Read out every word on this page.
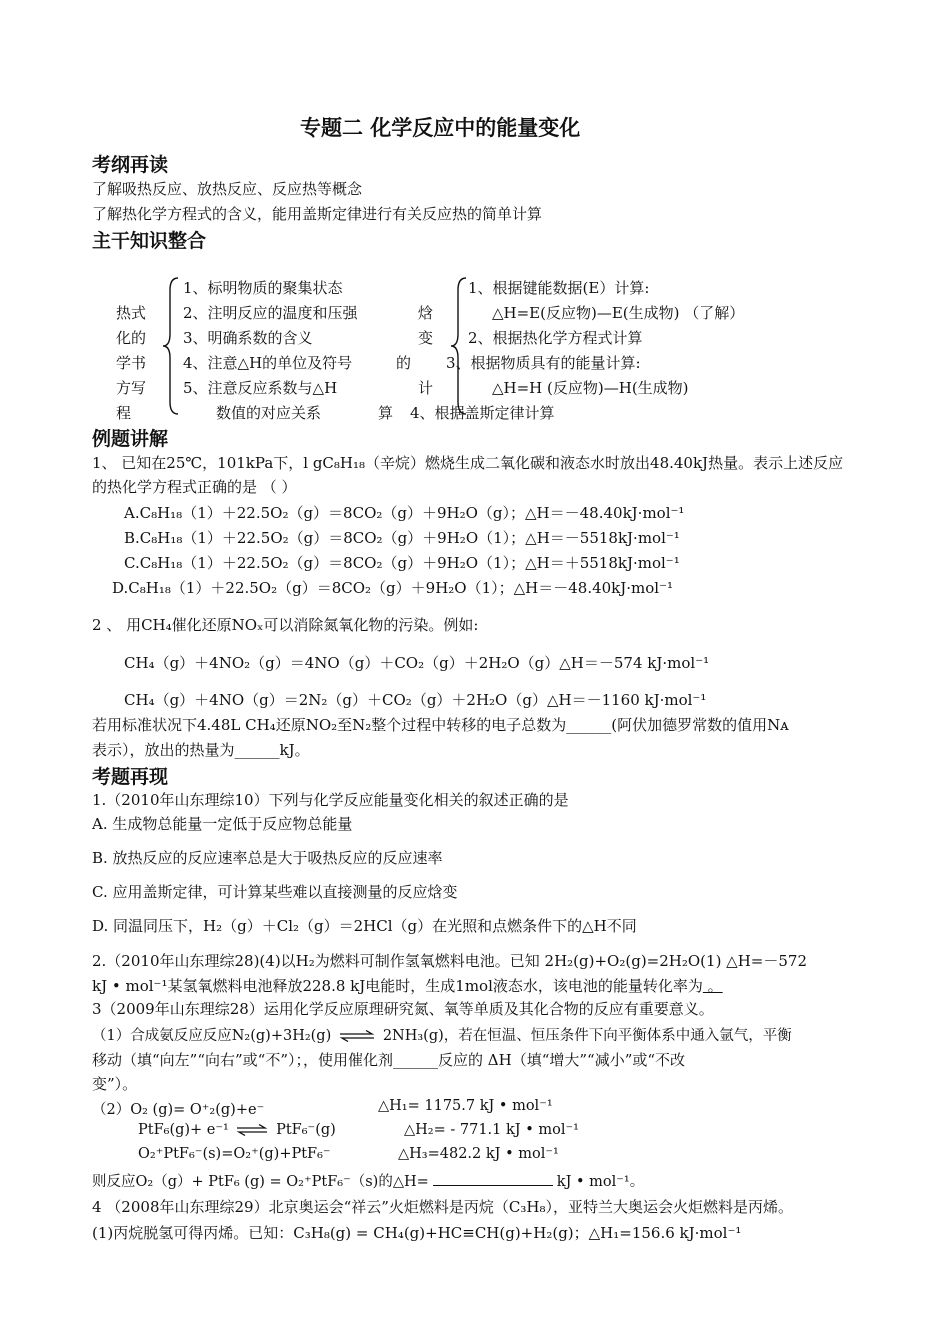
专题二 化学反应中的能量变化
考纲再读
了解吸热反应、放热反应、反应热等概念
了解热化学方程式的含义，能用盖斯定律进行有关反应热的简单计算
主干知识整合
热式
化的
学书
方写
程
1、标明物质的聚集状态
2、注明反应的温度和压强
3、明确系数的含义
4、注意△H的单位及符号
5、注意反应系数与△H
数值的对应关系
焓
变
的
计
算
1、根据键能数据(E）计算:
△H=E(反应物)—E(生成物) （了解）
2、根据热化学方程式计算
3、根据物质具有的能量计算:
△H=H (反应物)—H(生成物)
4、根据盖斯定律计算
例题讲解
1、 已知在25℃，101kPa下，l gC₈H₁₈（辛烷）燃烧生成二氧化碳和液态水时放出48.40kJ热量。表示上述反应
的热化学方程式正确的是 （ ）
A.C₈H₁₈（1）＋22.5O₂（g）＝8CO₂（g）＋9H₂O（g）；△H＝－48.40kJ·mol⁻¹
B.C₈H₁₈（1）＋22.5O₂（g）＝8CO₂（g）＋9H₂O（1）；△H＝－5518kJ·mol⁻¹
C.C₈H₁₈（1）＋22.5O₂（g）＝8CO₂（g）＋9H₂O（1）；△H＝＋5518kJ·mol⁻¹
D.C₈H₁₈（1）＋22.5O₂（g）＝8CO₂（g）＋9H₂O（1）；△H＝－48.40kJ·mol⁻¹
2 、 用CH₄催化还原NOₓ可以消除氮氧化物的污染。例如:
CH₄（g）＋4NO₂（g）＝4NO（g）＋CO₂（g）＋2H₂O（g）△H＝－574 kJ·mol⁻¹
CH₄（g）＋4NO（g）＝2N₂（g）＋CO₂（g）＋2H₂O（g）△H＝－1160 kJ·mol⁻¹
若用标准状况下4.48L CH₄还原NO₂至N₂整个过程中转移的电子总数为______(阿伏加德罗常数的值用Nᴀ
表示），放出的热量为______kJ。
考题再现
1.（2010年山东理综10）下列与化学反应能量变化相关的叙述正确的是
A. 生成物总能量一定低于反应物总能量
B. 放热反应的反应速率总是大于吸热反应的反应速率
C. 应用盖斯定律，可计算某些难以直接测量的反应焓变
D. 同温同压下，H₂（g）＋Cl₂（g）＝2HCl（g）在光照和点燃条件下的△H不同
2.（2010年山东理综28)(4)以H₂为燃料可制作氢氧燃料电池。已知 2H₂(g)+O₂(g)=2H₂O(1) △H=－572
kJ • mol⁻¹某氢氧燃料电池释放228.8 kJ电能时，生成1mol液态水，该电池的能量转化率为 。
3（2009年山东理综28）运用化学反应原理研究氮、氧等单质及其化合物的反应有重要意义。
（1）合成氨反应反应N₂(g)+3H₂(g) ⇌ 2NH₃(g)，若在恒温、恒压条件下向平衡体系中通入氩气，平衡
移动（填“向左”“向右”或“不”）；，使用催化剂______反应的 ΔH（填“增大”“减小”或“不改
变”）。
（2）O₂ (g)= O⁺₂(g)+e⁻	△H₁= 1175.7 kJ • mol⁻¹
PtF₆(g)+ e⁻¹ ⇌ PtF₆⁻(g)	△H₂= - 771.1 kJ • mol⁻¹
O₂⁺PtF₆⁻(s)=O₂⁺(g)+PtF₆⁻	△H₃=482.2 kJ • mol⁻¹
则反应O₂（g）+ PtF₆ (g) = O₂⁺PtF₆⁻（s)的△H=	kJ • mol⁻¹。
4 （2008年山东理综29）北京奥运会“祥云”火炬燃料是丙烷（C₃H₈），亚特兰大奥运会火炬燃料是丙烯。
(1)丙烷脱氢可得丙烯。已知：C₃H₈(g) = CH₄(g)+HC≡CH(g)+H₂(g)；△H₁=156.6 kJ·mol⁻¹
